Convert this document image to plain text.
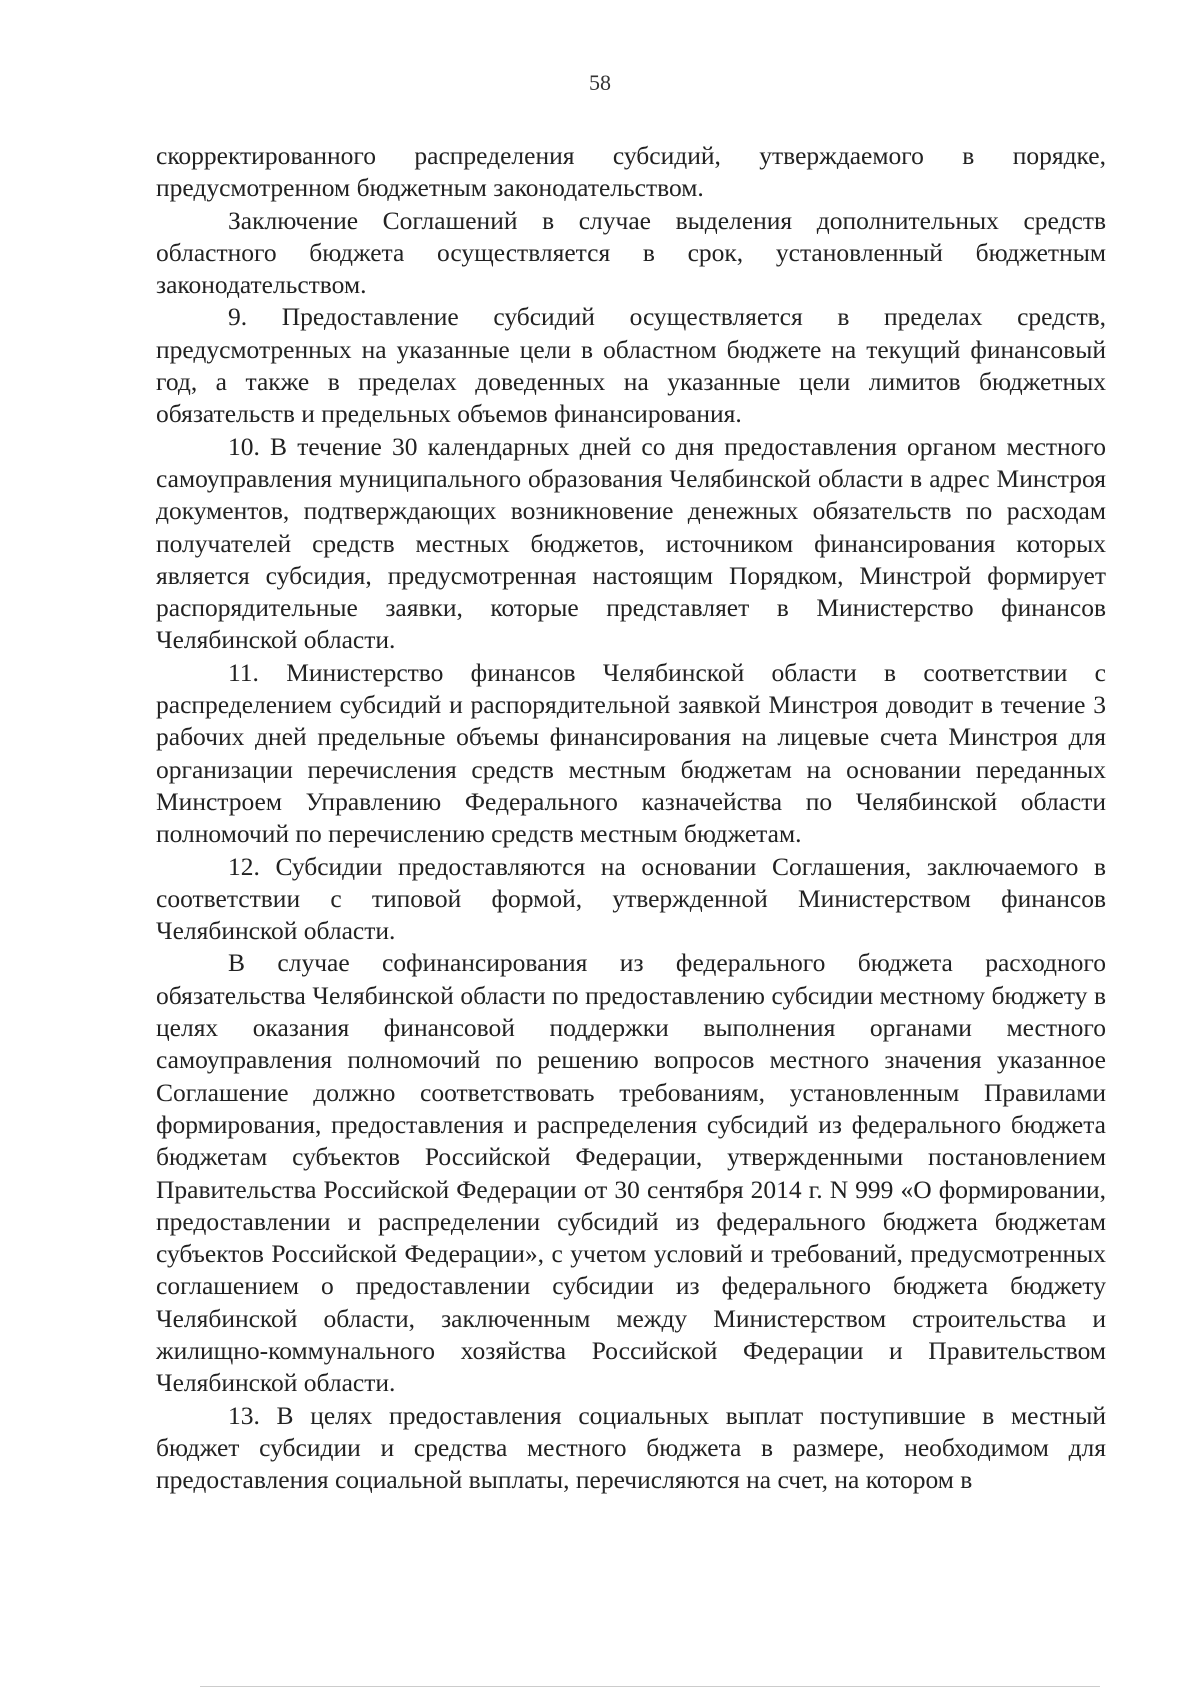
58

скорректированного распределения субсидий, утверждаемого в порядке, предусмотренном бюджетным законодательством.

Заключение Соглашений в случае выделения дополнительных средств областного бюджета осуществляется в срок, установленный бюджетным законодательством.

9. Предоставление субсидий осуществляется в пределах средств, предусмотренных на указанные цели в областном бюджете на текущий финансовый год, а также в пределах доведенных на указанные цели лимитов бюджетных обязательств и предельных объемов финансирования.

10. В течение 30 календарных дней со дня предоставления органом местного самоуправления муниципального образования Челябинской области в адрес Минстроя документов, подтверждающих возникновение денежных обязательств по расходам получателей средств местных бюджетов, источником финансирования которых является субсидия, предусмотренная настоящим Порядком, Минстрой формирует распорядительные заявки, которые представляет в Министерство финансов Челябинской области.

11. Министерство финансов Челябинской области в соответствии с распределением субсидий и распорядительной заявкой Минстроя доводит в течение 3 рабочих дней предельные объемы финансирования на лицевые счета Минстроя для организации перечисления средств местным бюджетам на основании переданных Минстроем Управлению Федерального казначейства по Челябинской области полномочий по перечислению средств местным бюджетам.

12. Субсидии предоставляются на основании Соглашения, заключаемого в соответствии с типовой формой, утвержденной Министерством финансов Челябинской области.

В случае софинансирования из федерального бюджета расходного обязательства Челябинской области по предоставлению субсидии местному бюджету в целях оказания финансовой поддержки выполнения органами местного самоуправления полномочий по решению вопросов местного значения указанное Соглашение должно соответствовать требованиям, установленным Правилами формирования, предоставления и распределения субсидий из федерального бюджета бюджетам субъектов Российской Федерации, утвержденными постановлением Правительства Российской Федерации от 30 сентября 2014 г. N 999 «О формировании, предоставлении и распределении субсидий из федерального бюджета бюджетам субъектов Российской Федерации», с учетом условий и требований, предусмотренных соглашением о предоставлении субсидии из федерального бюджета бюджету Челябинской области, заключенным между Министерством строительства и жилищно-коммунального хозяйства Российской Федерации и Правительством Челябинской области.

13. В целях предоставления социальных выплат поступившие в местный бюджет субсидии и средства местного бюджета в размере, необходимом для предоставления социальной выплаты, перечисляются на счет, на котором в
